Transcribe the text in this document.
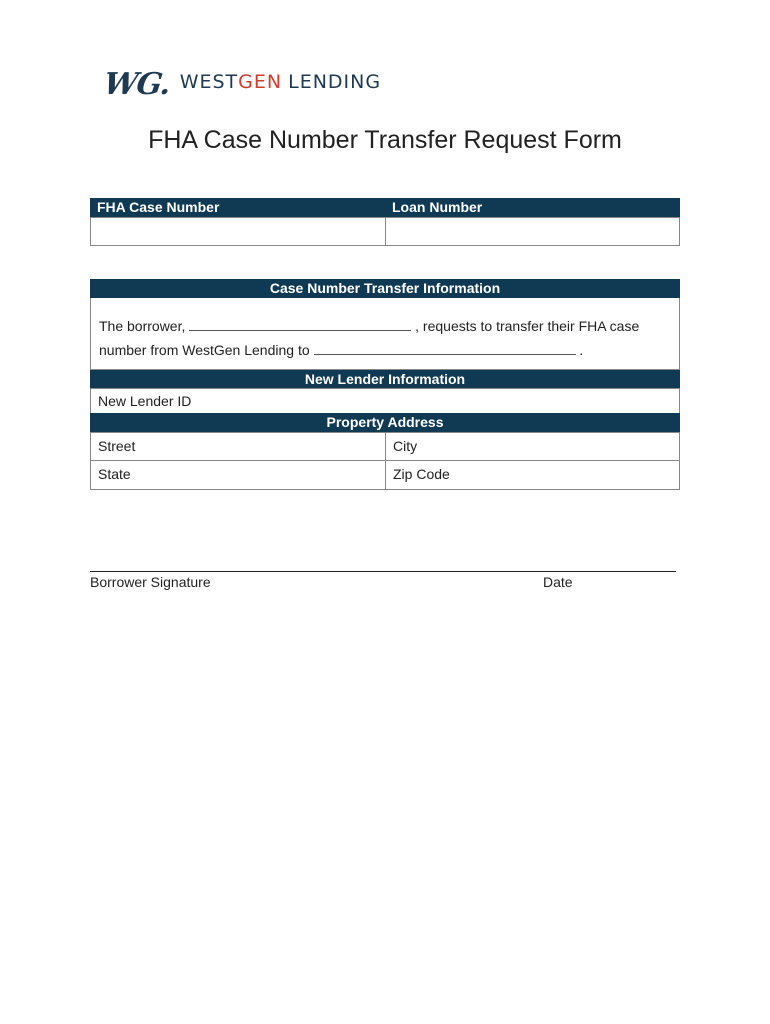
WG. WESTGEN LENDING
FHA Case Number Transfer Request Form
FHA Case Number	Loan Number
Case Number Transfer Information
The borrower,	, requests to transfer their FHA case
number from WestGen Lending to	.
New Lender Information
New Lender ID
Property Address
Street	City
State	Zip Code
Borrower Signature	Date
